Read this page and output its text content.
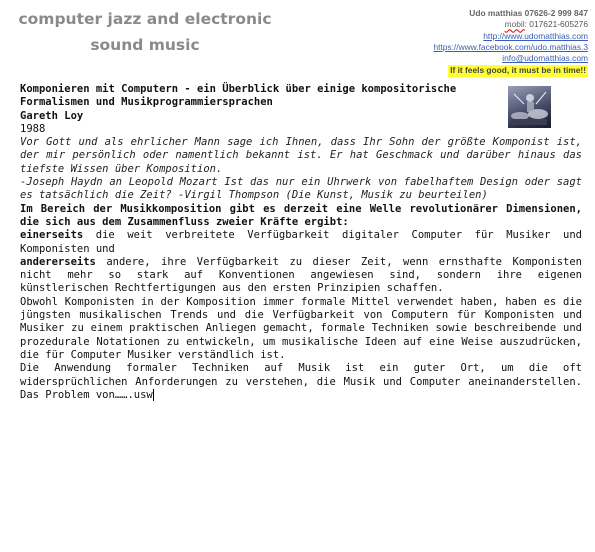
computer jazz and electronic sound music
Udo matthias 07626-2 999 847
mobil: 017621-605276
http://www.udomatthias.com
https://www.facebook.com/udo.matthias.3
info@udomatthias.com
If it feels good, it must be in time!!

Komponieren mit Computern - ein Überblick über einige kompositorische Formalismen und Musikprogrammiersprachen

Gareth Loy

1988

Vor Gott und als ehrlicher Mann sage ich Ihnen, dass Ihr Sohn der größte Komponist ist, der mir persönlich oder namentlich bekannt ist. Er hat Geschmack und darüber hinaus das tiefste Wissen über Komposition.

-Joseph Haydn an Leopold Mozart Ist das nur ein Uhrwerk von fabelhaftem Design oder sagt es tatsächlich die Zeit? -Virgil Thompson (Die Kunst, Musik zu beurteilen)

Im Bereich der Musikkomposition gibt es derzeit eine Welle revolutionärer Dimensionen, die sich aus dem Zusammenfluss zweier Kräfte ergibt:

einerseits die weit verbreitete Verfügbarkeit digitaler Computer für Musiker und Komponisten und

andererseits andere, ihre Verfügbarkeit zu dieser Zeit, wenn ernsthafte Komponisten nicht mehr so stark auf Konventionen angewiesen sind, sondern ihre eigenen künstlerischen Rechtfertigungen aus den ersten Prinzipien schaffen.

Obwohl Komponisten in der Komposition immer formale Mittel verwendet haben, haben es die jüngsten musikalischen Trends und die Verfügbarkeit von Computern für Komponisten und Musiker zu einem praktischen Anliegen gemacht, formale Techniken sowie beschreibende und prozedurale Notationen zu entwickeln, um musikalische Ideen auf eine Weise auszudrücken, die für Computer Musiker verständlich ist.

Die Anwendung formaler Techniken auf Musik ist ein guter Ort, um die oft widersprüchlichen Anforderungen zu verstehen, die Musik und Computer aneinanderstellen. Das Problem von…….usw
